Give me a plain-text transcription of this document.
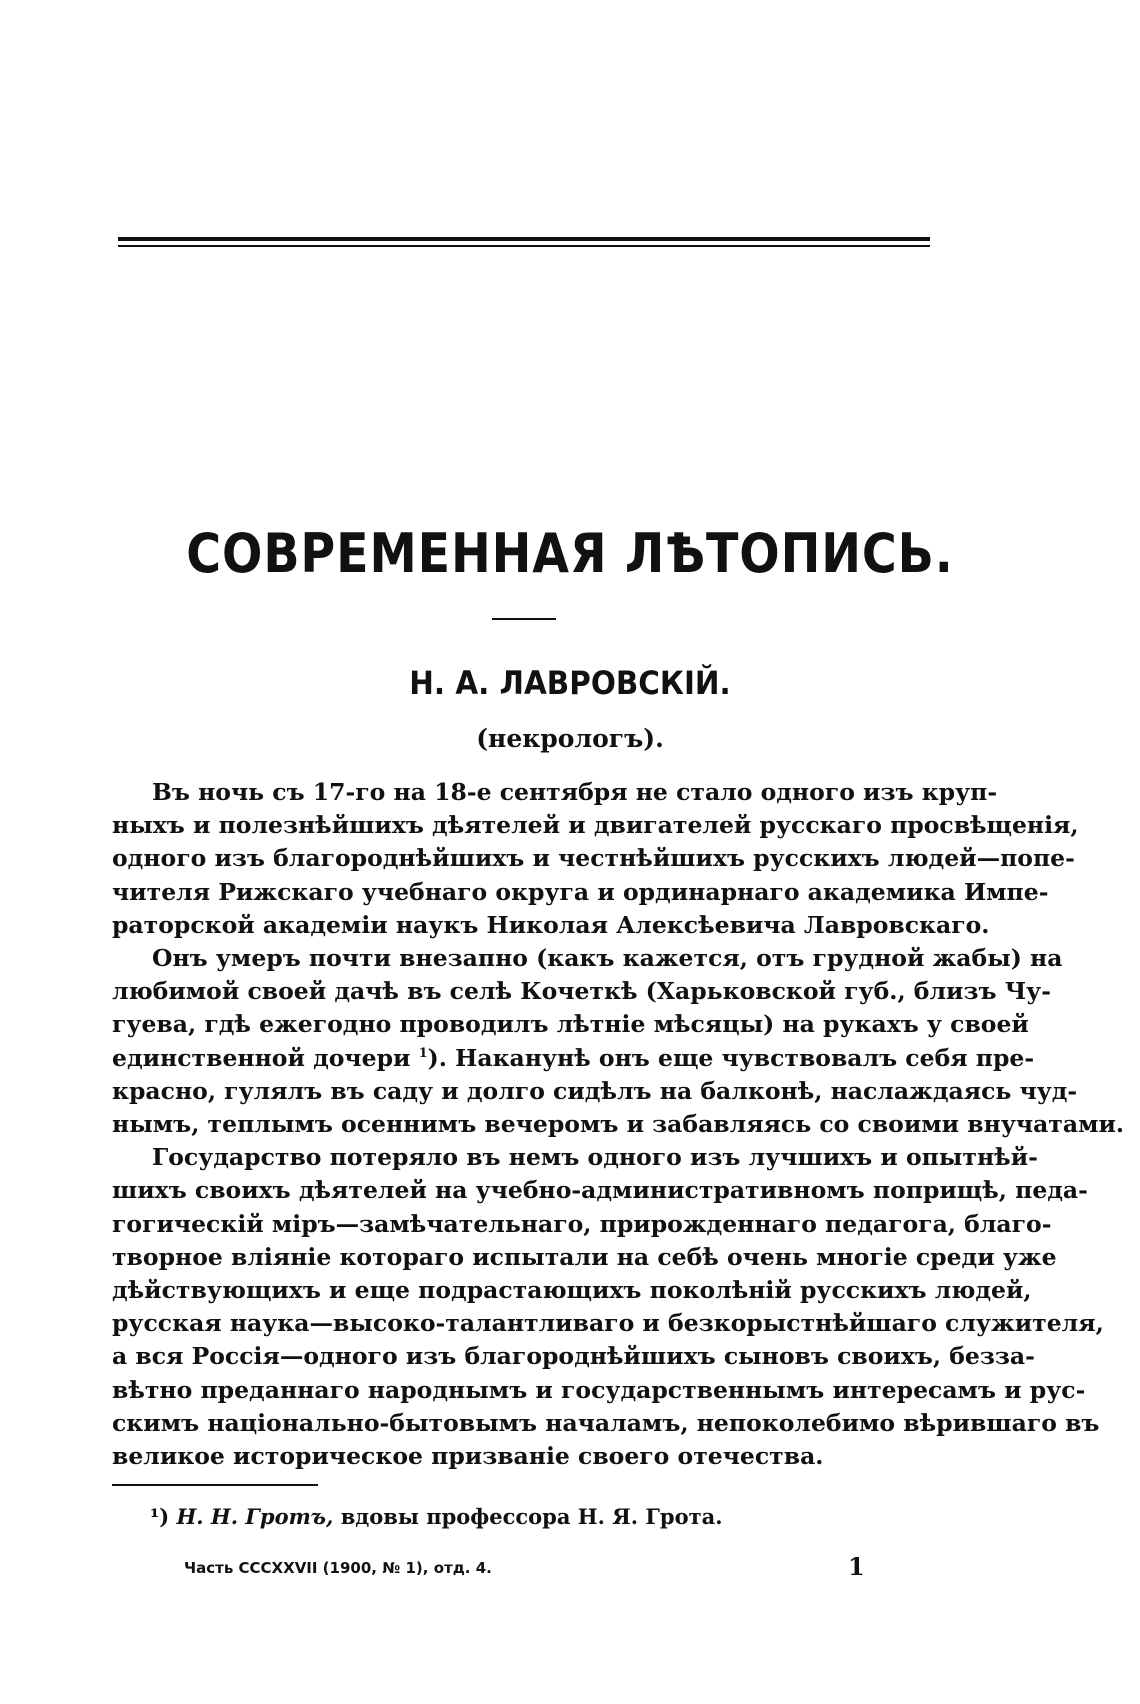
СОВРЕМЕННАЯ ЛѢТОПИСЬ.
Н. А. ЛАВРОВСКІЙ.
(некрологъ).
Въ ночь съ 17-го на 18-е сентября не стало одного изъ круп-
ныхъ и полезнѣйшихъ дѣятелей и двигателей русскаго просвѣщенія,
одного изъ благороднѣйшихъ и честнѣйшихъ русскихъ людей—попе-
чителя Рижскаго учебнаго округа и ординарнаго академика Импе-
раторской академіи наукъ Николая Алексѣевича Лавровскаго.
Онъ умеръ почти внезапно (какъ кажется, отъ грудной жабы) на
любимой своей дачѣ въ селѣ Кочеткѣ (Харьковской губ., близъ Чу-
гуева, гдѣ ежегодно проводилъ лѣтніе мѣсяцы) на рукахъ у своей
единственной дочери $^1$). Наканунѣ онъ еще чувствовалъ себя пре-
красно, гулялъ въ саду и долго сидѣлъ на балконѣ, наслаждаясь чуд-
нымъ, теплымъ осеннимъ вечеромъ и забавляясь со своими внучатами.
Государство потеряло въ немъ одного изъ лучшихъ и опытнѣй-
шихъ своихъ дѣятелей на учебно-административномъ поприщѣ, педа-
гогическій міръ—замѣчательнаго, прирожденнаго педагога, благо-
творное вліяніе котораго испытали на себѣ очень многіе среди уже
дѣйствующихъ и еще подрастающихъ поколѣній русскихъ людей,
русская наука—высоко-талантливаго и безкорыстнѣйшаго служителя,
а вся Россія—одного изъ благороднѣйшихъ сыновъ своихъ, безза-
вѣтно преданнаго народнымъ и государственнымъ интересамъ и рус-
скимъ національно-бытовымъ началамъ, непоколебимо вѣрившаго въ
великое историческое призваніе своего отечества.
¹) Н. Н. Гротъ, вдовы профессора Н. Я. Грота.
Часть CCCXXVII (1900, № 1), отд. 4.	1
